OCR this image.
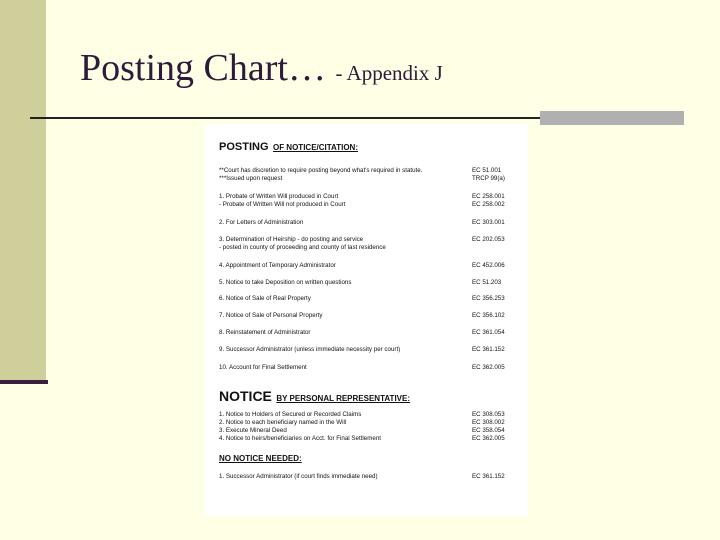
Posting Chart… - Appendix J
POSTING OF NOTICE/CITATION:
**Court has discretion to require posting beyond what's required in statute.	EC 51.001
***Issued upon request	TRCP 99(a)
1. Probate of Written Will produced in Court	EC 258.001
- Probate of Written Will not produced in Court	EC 258.002
2. For Letters of Administration	EC 303.001
3. Determination of Heirship - do posting and service	EC 202.053
- posted in county of proceeding and county of last residence
4. Appointment of Temporary Administrator	EC 452.006
5. Notice to take Deposition on written questions	EC 51.203
6. Notice of Sale of Real Property	EC 356.253
7. Notice of Sale of Personal Property	EC 356.102
8. Reinstatement of Administrator	EC 361.054
9. Successor Administrator (unless immediate necessity per court)	EC 361.152
10. Account for Final Settlement	EC 362.005
NOTICE BY PERSONAL REPRESENTATIVE:
1. Notice to Holders of Secured or Recorded Claims	EC 308.053
2. Notice to each beneficiary named in the Will	EC 308.002
3. Execute Mineral Deed	EC 358.054
4. Notice to heirs/beneficiaries on Acct. for Final Settlement	EC 362.005
NO NOTICE NEEDED:
1. Successor Administrator (if court finds immediate need)	EC 361.152
